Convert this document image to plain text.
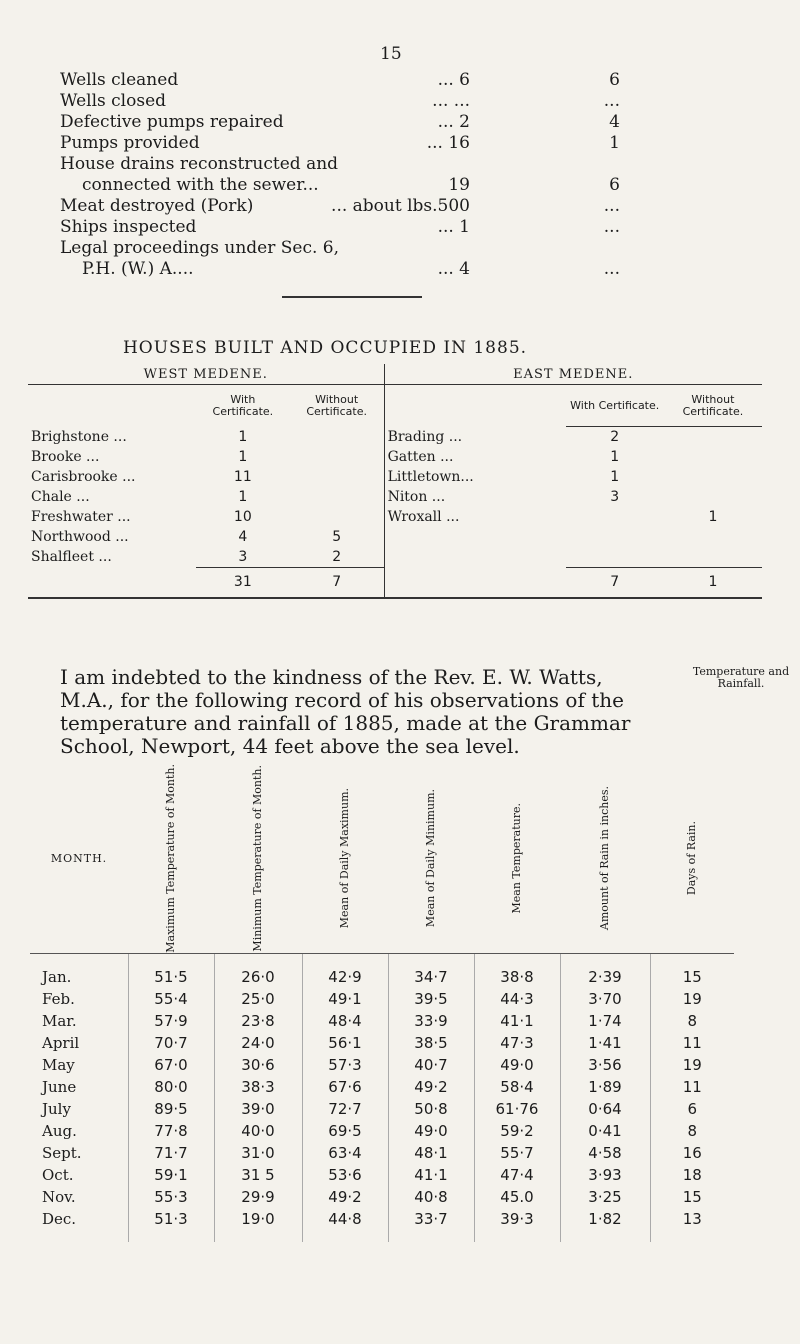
15
Wells cleaned	... 6	6
Wells closed	... ...	...
Defective pumps repaired	... 2	4
Pumps provided	... 16	1
House drains reconstructed and
connected with the sewer...	19	6
Meat destroyed (Pork)	... about lbs.500	...
Ships inspected	... 1	...
Legal proceedings under Sec. 6,
P.H. (W.) A....	... 4	...
HOUSES BUILT AND OCCUPIED IN 1885.
WEST MEDENE.			EAST MEDENE.		
	With Certificate.	Without Certificate.		With Certificate.	Without Certificate.
Brighstone ...	1		Brading ...	2	
Brooke ...	1		Gatten ...	1	
Carisbrooke ...	11		Littletown...	1	
Chale ...	1		Niton ...	3	
Freshwater ...	10		Wroxall ...		1
Northwood ...	4	5			
Shalfleet ...	3	2			
	31	7		7	1
I am indebted to the kindness of the Rev. E. W. Watts, M.A., for the following record of his observations of the temperature and rainfall of 1885, made at the Grammar School, Newport, 44 feet above the sea level.
Temperature and Rainfall.
MONTH.	Maximum Temperature of Month.	Minimum Temperature of Month.	Mean of Daily Maximum.	Mean of Daily Minimum.	Mean Temperature.	Amount of Rain in inches.	Days of Rain.

Jan.	51·5	26·0	42·9	34·7	38·8	2·39	15
Feb.	55·4	25·0	49·1	39·5	44·3	3·70	19
Mar.	57·9	23·8	48·4	33·9	41·1	1·74	8
April	70·7	24·0	56·1	38·5	47·3	1·41	11
May	67·0	30·6	57·3	40·7	49·0	3·56	19
June	80·0	38·3	67·6	49·2	58·4	1·89	11
July	89·5	39·0	72·7	50·8	61·76	0·64	6
Aug.	77·8	40·0	69·5	49·0	59·2	0·41	8
Sept.	71·7	31·0	63·4	48·1	55·7	4·58	16
Oct.	59·1	31 5	53·6	41·1	47·4	3·93	18
Nov.	55·3	29·9	49·2	40·8	45.0	3·25	15
Dec.	51·3	19·0	44·8	33·7	39·3	1·82	13
